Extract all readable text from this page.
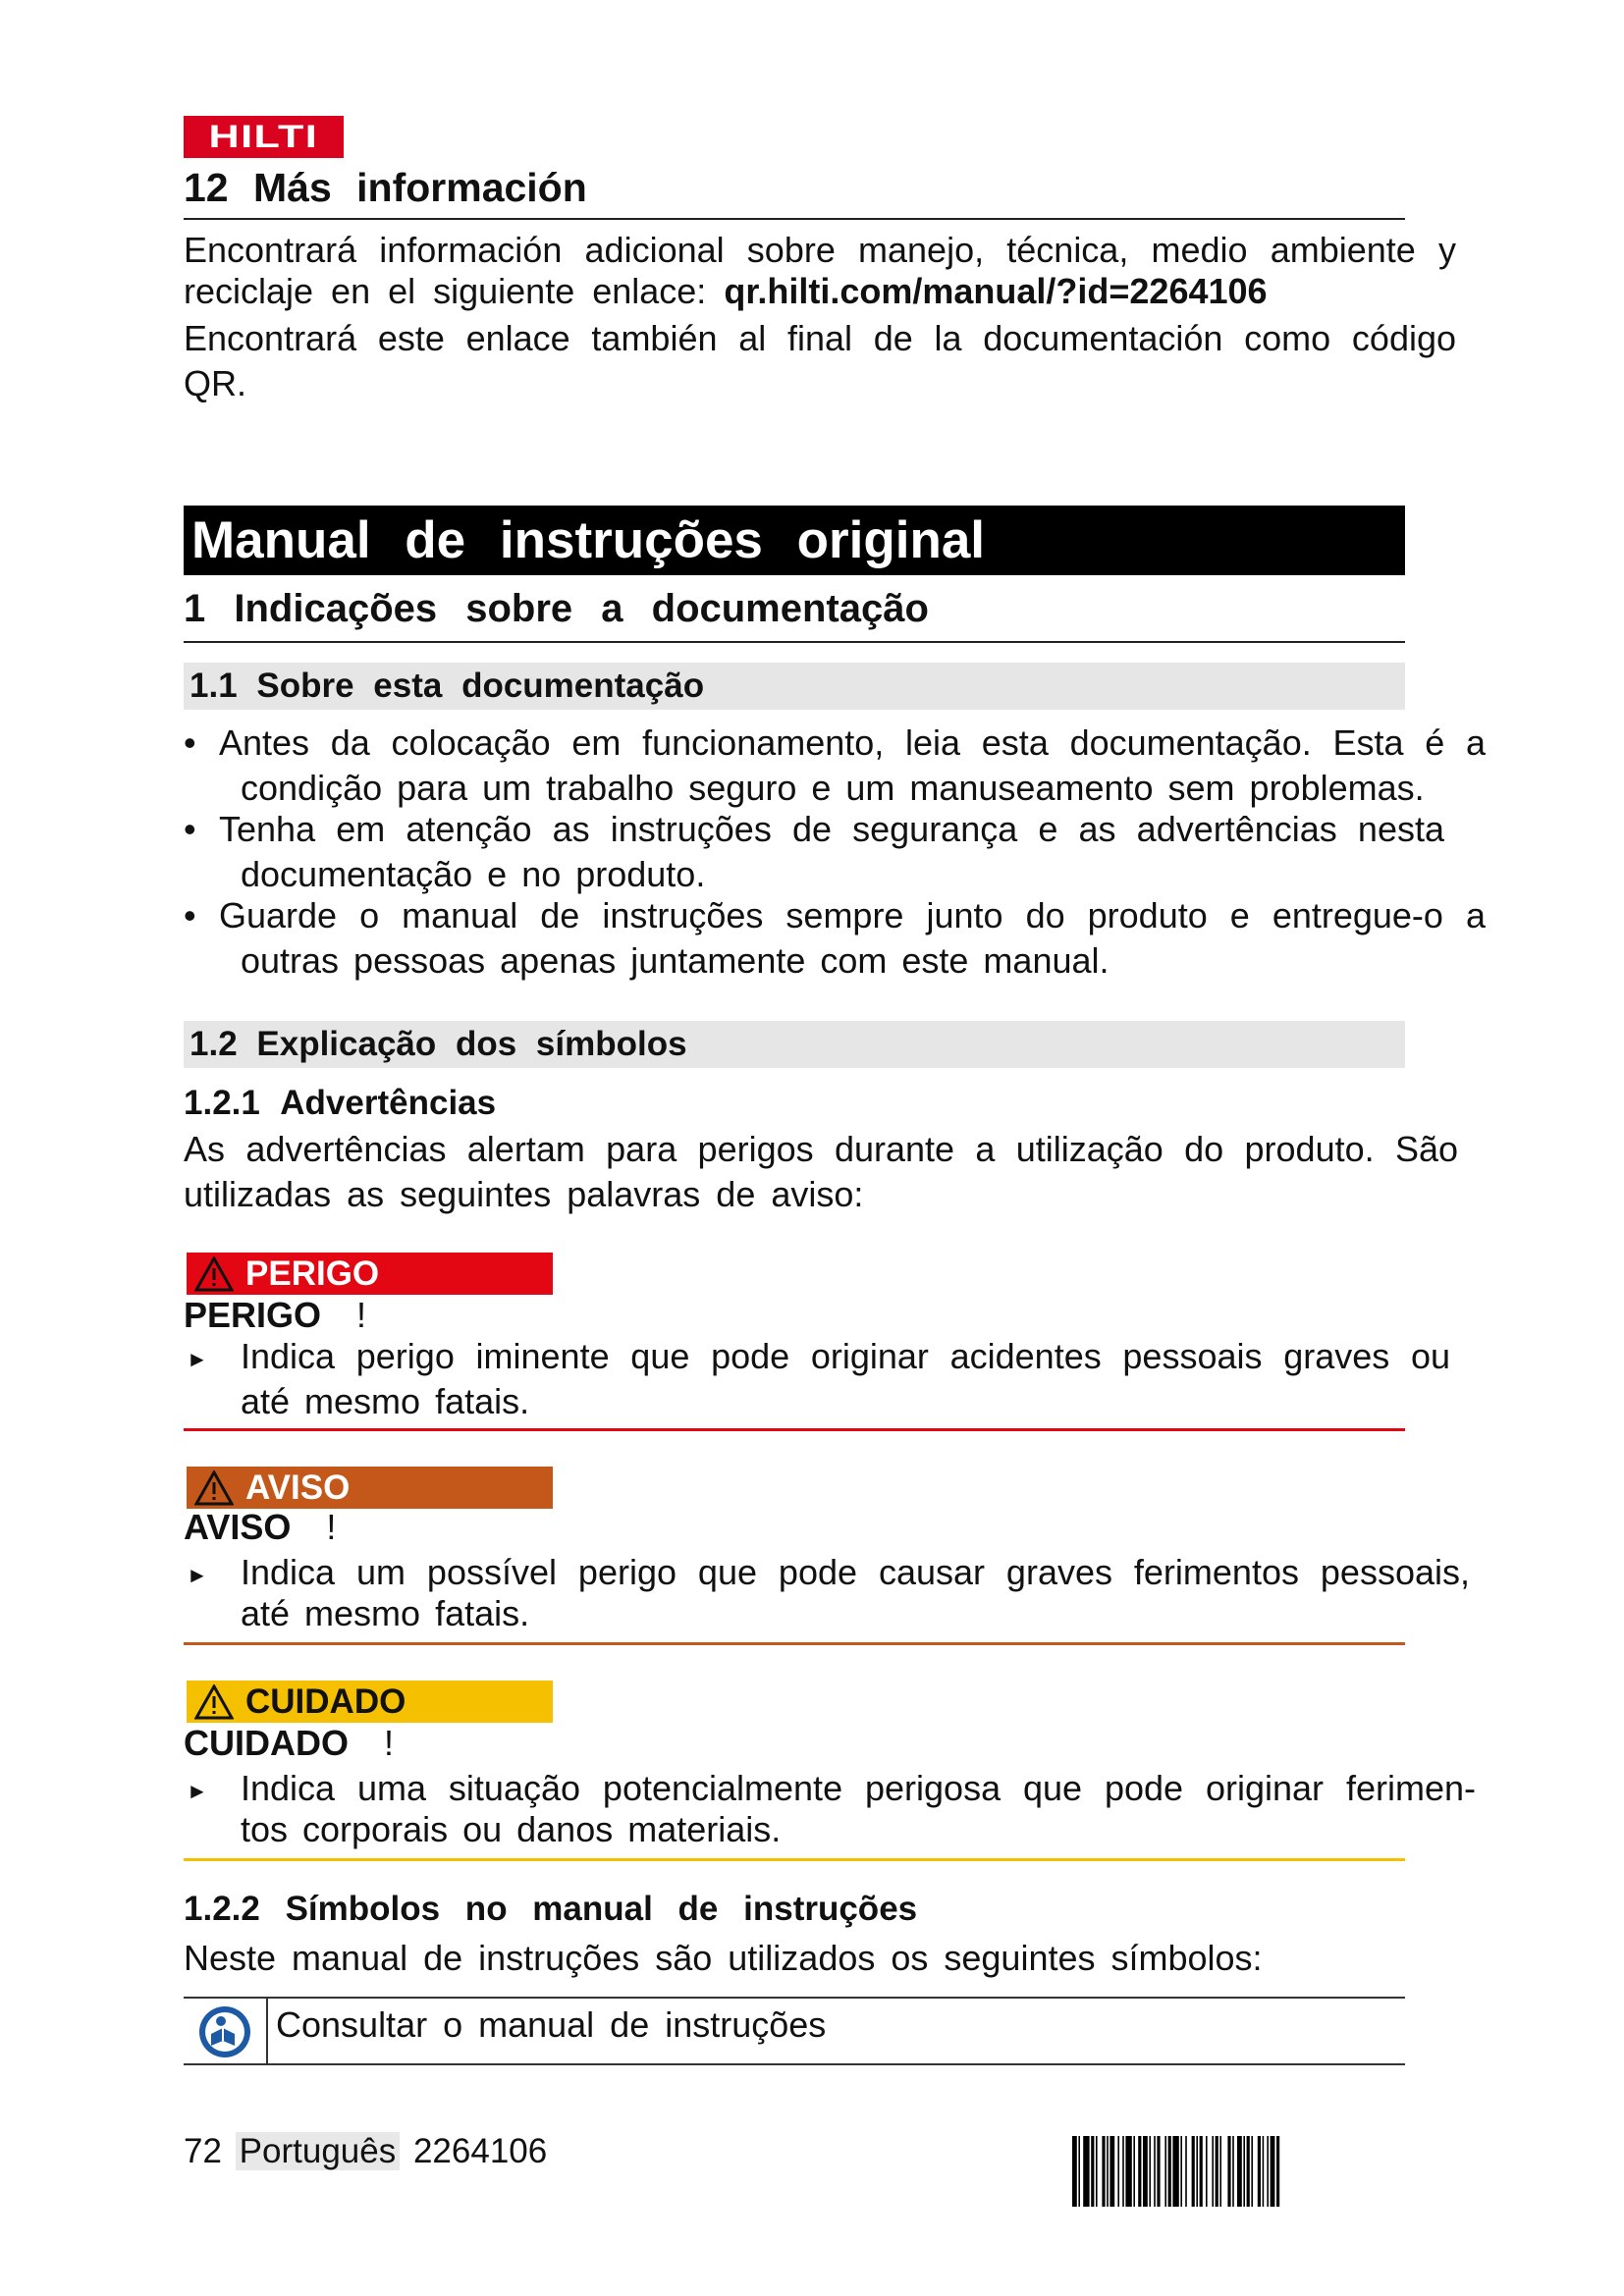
HILTI
12 Más información
Encontrará información adicional sobre manejo, técnica, medio ambiente y
reciclaje en el siguiente enlace: qr.hilti.com/manual/?id=2264106
Encontrará este enlace también al final de la documentación como código
QR.
Manual de instruções original
1 Indicações sobre a documentação
1.1 Sobre esta documentação
• Antes da colocação em funcionamento, leia esta documentação. Esta é a
condição para um trabalho seguro e um manuseamento sem problemas.
• Tenha em atenção as instruções de segurança e as advertências nesta
documentação e no produto.
• Guarde o manual de instruções sempre junto do produto e entregue-o a
outras pessoas apenas juntamente com este manual.
1.2 Explicação dos símbolos
1.2.1 Advertências
As advertências alertam para perigos durante a utilização do produto. São
utilizadas as seguintes palavras de aviso:
PERIGO
PERIGO !
► Indica perigo iminente que pode originar acidentes pessoais graves ou
até mesmo fatais.
AVISO
AVISO !
► Indica um possível perigo que pode causar graves ferimentos pessoais,
até mesmo fatais.
CUIDADO
CUIDADO !
► Indica uma situação potencialmente perigosa que pode originar ferimen-
tos corporais ou danos materiais.
1.2.2 Símbolos no manual de instruções
Neste manual de instruções são utilizados os seguintes símbolos:
Consultar o manual de instruções
72 Português 2264106
